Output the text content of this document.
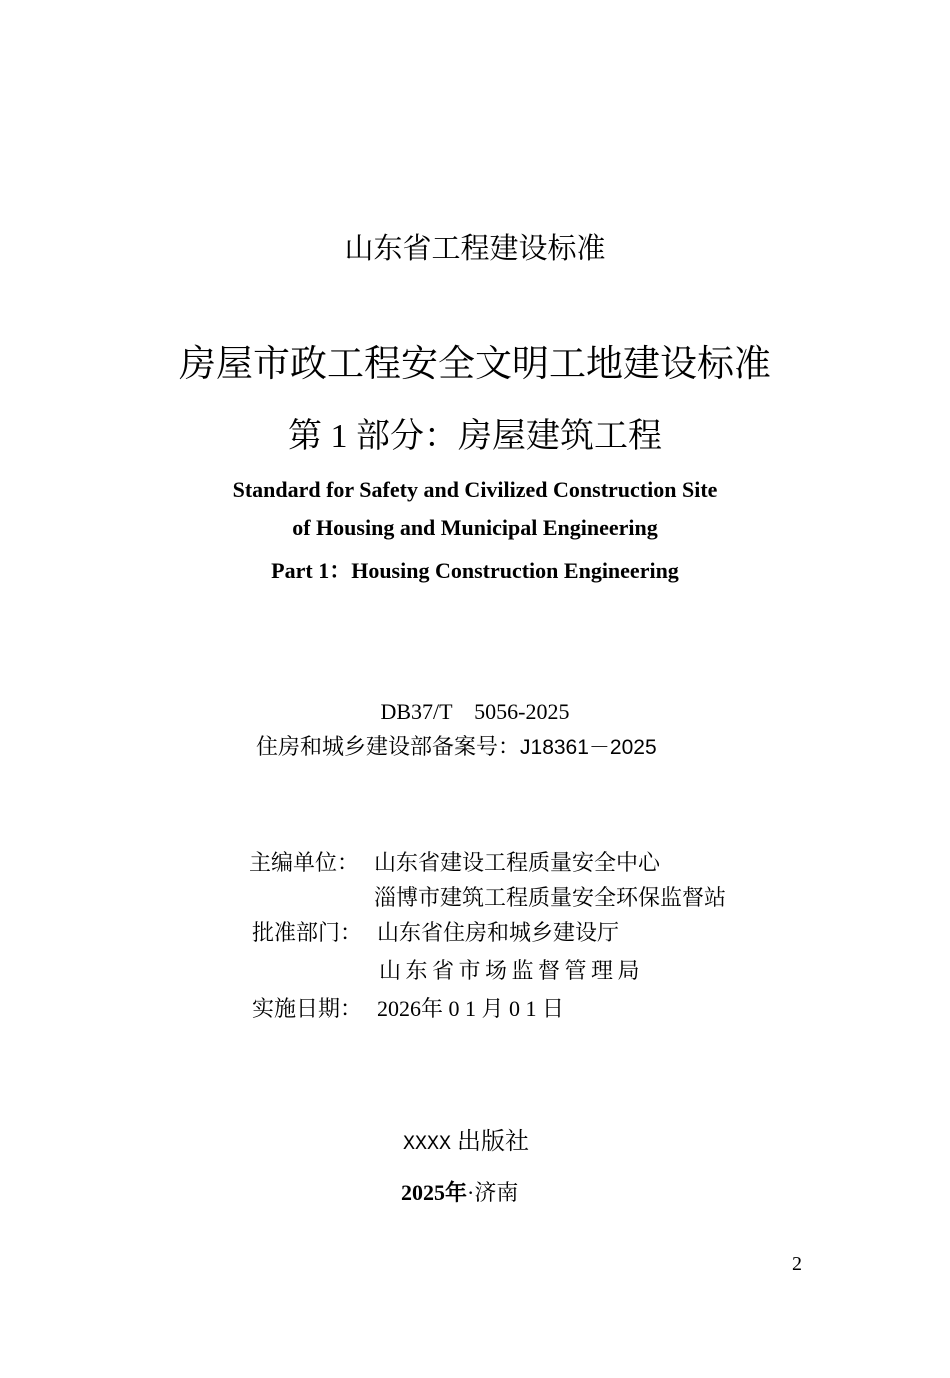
山东省工程建设标准
房屋市政工程安全文明工地建设标准
第 1 部分：房屋建筑工程
Standard for Safety and Civilized Construction Site
of Housing and Municipal Engineering
Part 1：Housing Construction Engineering
DB37/T    5056-2025
住房和城乡建设部备案号：J18361－2025
主编单位： 山东省建设工程质量安全中心
淄博市建筑工程质量安全环保监督站
批准部门： 山东省住房和城乡建设厅
山东省市场监督管理局
实施日期： 2026年 0 1 月 0 1 日
XXXX 出版社
2025年·济南
2
